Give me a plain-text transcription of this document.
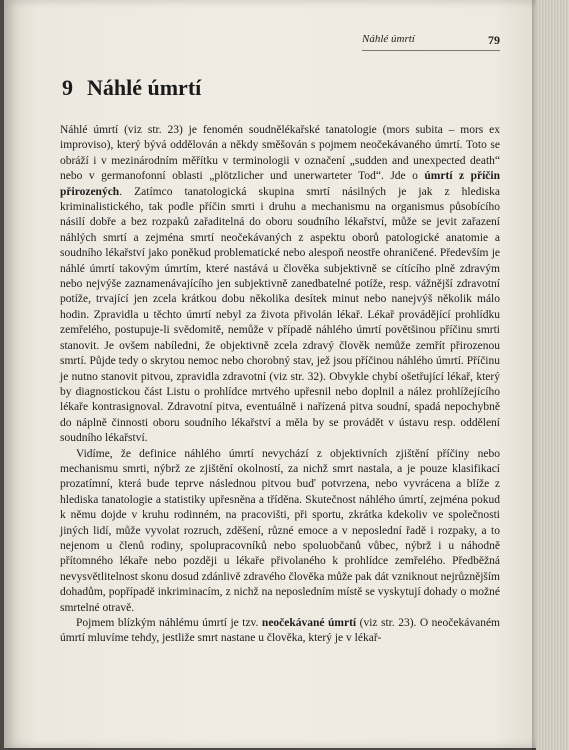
Náhlé úmrtí	79
9 Náhlé úmrtí

Náhlé úmrtí (viz str. 23) je fenomén soudnělékařské tanatologie (mors subita – mors ex improviso), který bývá oddělován a někdy směšován s pojmem neočekávaného úmrtí. Toto se obráží i v mezinárodním měřítku v terminologii v označení „sudden and unexpected death“ nebo v germanofonní oblasti „plötzlicher und unerwarteter Tod“. Jde o úmrtí z příčin přirozených. Zatímco tanatologická skupina smrtí násilných je jak z hlediska kriminalistického, tak podle příčin smrti i druhu a mechanismu na organismus působícího násilí dobře a bez rozpaků zařaditelná do oboru soudního lékařství, může se jevit zařazení náhlých smrtí a zejména smrtí neočekávaných z aspektu oborů patologické anatomie a soudního lékařství jako poněkud problematické nebo alespoň neostře ohraničené. Především je náhlé úmrtí takovým úmrtím, které nastává u člověka subjektivně se cítícího plně zdravým nebo nejvýše zaznamenávajícího jen subjektivně zanedbatelné potíže, resp. vážnější zdravotní potíže, trvající jen zcela krátkou dobu několika desítek minut nebo nanejvýš několik málo hodin. Zpravidla u těchto úmrtí nebyl za života přivolán lékař. Lékař provádějící prohlídku zemřelého, postupuje-li svědomitě, nemůže v případě náhlého úmrtí povětšinou příčinu smrti stanovit. Je ovšem nabíledni, že objektivně zcela zdravý člověk nemůže zemřít přirozenou smrtí. Půjde tedy o skrytou nemoc nebo chorobný stav, jež jsou příčinou náhlého úmrtí. Příčinu je nutno stanovit pitvou, zpravidla zdravotní (viz str. 32). Obvykle chybí ošetřující lékař, který by diagnostickou část Listu o prohlídce mrtvého upřesnil nebo doplnil a nález prohlížejícího lékaře kontrasignoval. Zdravotní pitva, eventuálně i nařízená pitva soudní, spadá nepochybně do náplně činnosti oboru soudního lékařství a měla by se provádět v ústavu resp. oddělení soudního lékařství.

Vidíme, že definice náhlého úmrtí nevychází z objektivních zjištění příčiny nebo mechanismu smrti, nýbrž ze zjištění okolností, za nichž smrt nastala, a je pouze klasifikací prozatímní, která bude teprve následnou pitvou buď potvrzena, nebo vyvrácena a blíže z hlediska tanatologie a statistiky upřesněna a tříděna. Skutečnost náhlého úmrtí, zejména pokud k němu dojde v kruhu rodinném, na pracovišti, při sportu, zkrátka kdekoliv ve společnosti jiných lidí, může vyvolat rozruch, zděšení, různé emoce a v neposlední řadě i rozpaky, a to nejenom u členů rodiny, spolupracovníků nebo spoluobčanů vůbec, nýbrž i u náhodně přítomného lékaře nebo později u lékaře přivolaného k prohlídce zemřelého. Předběžná nevysvětlitelnost skonu dosud zdánlivě zdravého člověka může pak dát vzniknout nejrůznějším dohadům, popřípadě inkriminacím, z nichž na neposledním místě se vyskytují dohady o možné smrtelné otravě.

Pojmem blízkým náhlému úmrtí je tzv. neočekávané úmrtí (viz str. 23). O neočekávaném úmrtí mluvíme tehdy, jestliže smrt nastane u člověka, který je v lékař-
